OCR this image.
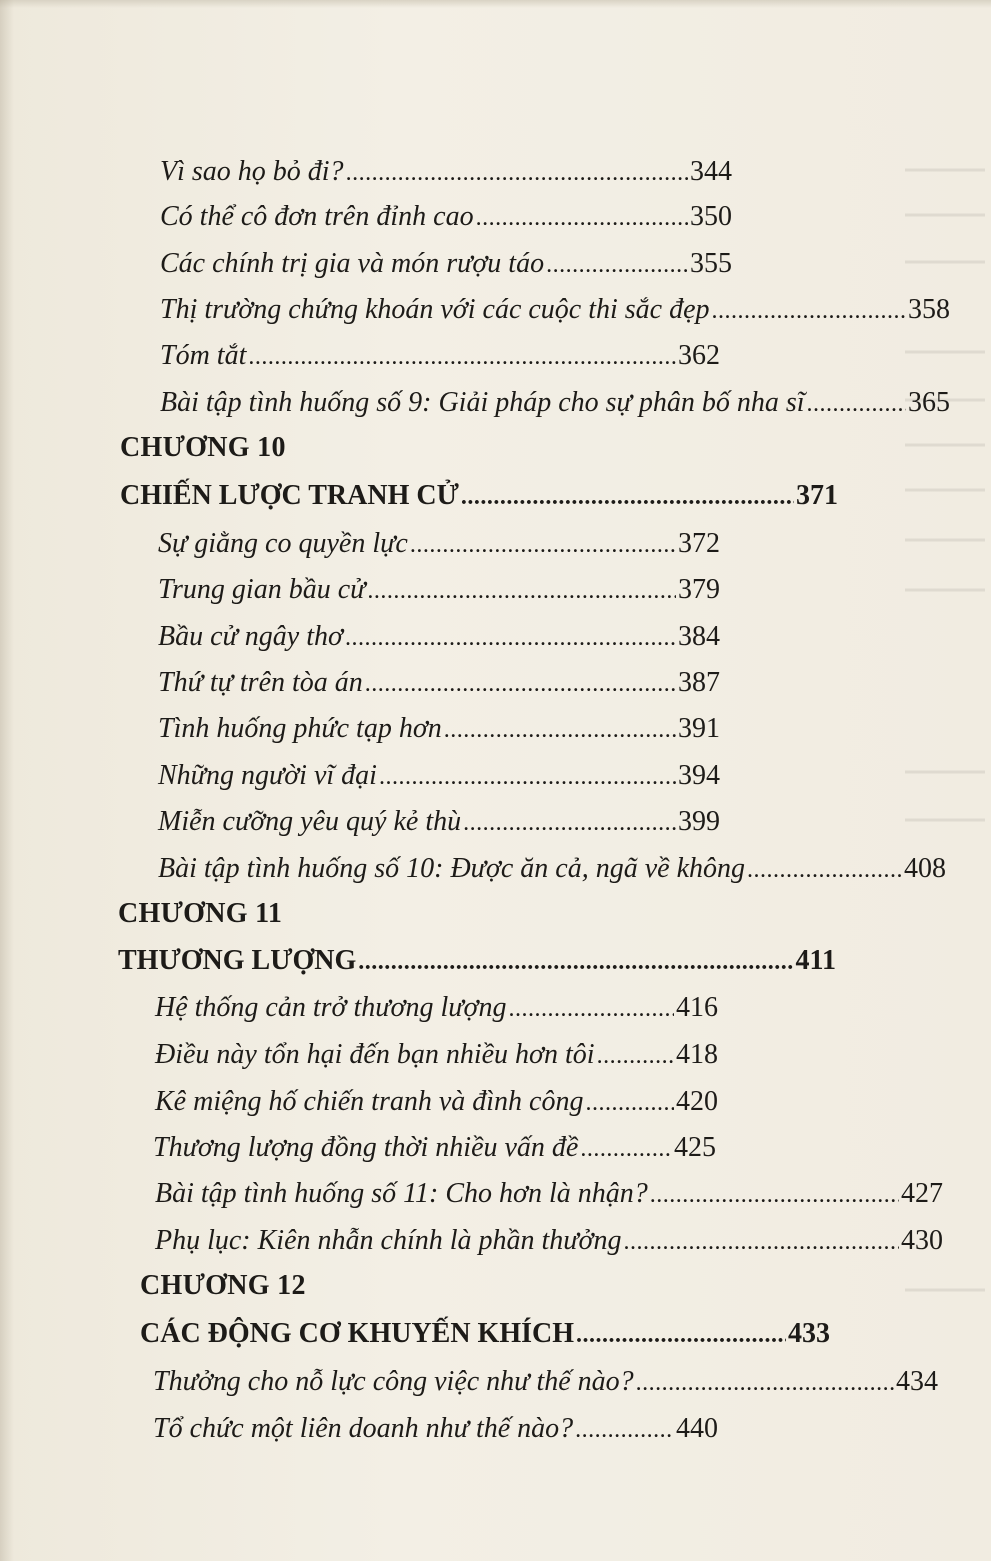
Vì sao họ bỏ đi? .....	344
Có thể cô đơn trên đỉnh cao .....	350
Các chính trị gia và món rượu táo .....	355
Thị trường chứng khoán với các cuộc thi sắc đẹp .....	358
Tóm tắt .....	362
Bài tập tình huống số 9: Giải pháp cho sự phân bố nha sĩ .....	365
CHƯƠNG 10
CHIẾN LƯỢC TRANH CỬ .....	371
Sự giằng co quyền lực .....	372
Trung gian bầu cử .....	379
Bầu cử ngây thơ .....	384
Thứ tự trên tòa án .....	387
Tình huống phức tạp hơn .....	391
Những người vĩ đại .....	394
Miễn cưỡng yêu quý kẻ thù .....	399
Bài tập tình huống số 10: Được ăn cả, ngã về không .....	408
CHƯƠNG 11
THƯƠNG LƯỢNG .....	411
Hệ thống cản trở thương lượng .....	416
Điều này tổn hại đến bạn nhiều hơn tôi .....	418
Kê miệng hố chiến tranh và đình công .....	420
Thương lượng đồng thời nhiều vấn đề .....	425
Bài tập tình huống số 11: Cho hơn là nhận? .....	427
Phụ lục: Kiên nhẫn chính là phần thưởng .....	430
CHƯƠNG 12
CÁC ĐỘNG CƠ KHUYẾN KHÍCH .....	433
Thưởng cho nỗ lực công việc như thế nào? .....	434
Tổ chức một liên doanh như thế nào? .....	440
